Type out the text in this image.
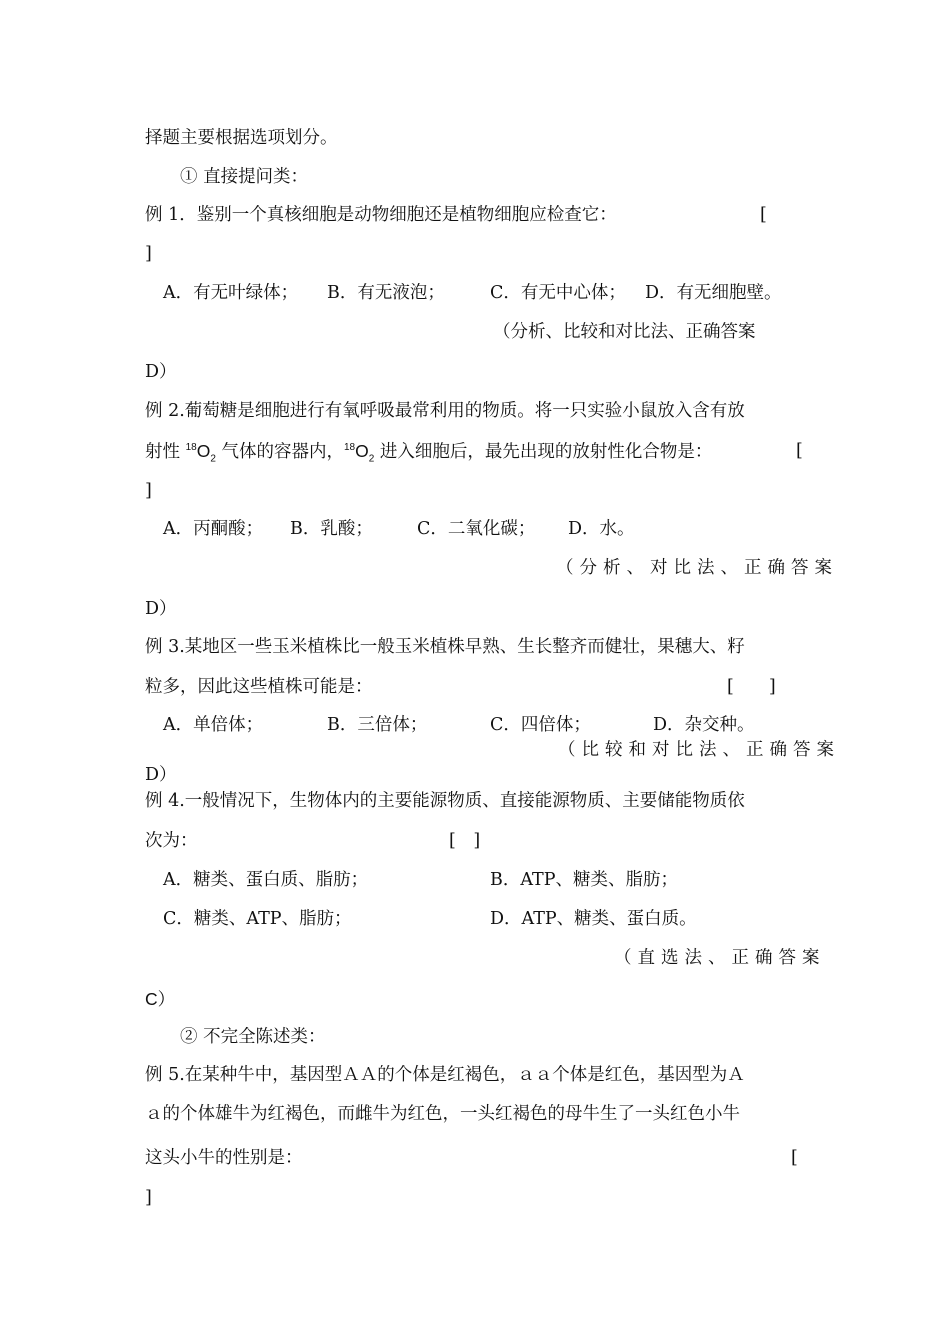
择题主要根据选项划分。
① 直接提问类：
例 1．鉴别一个真核细胞是动物细胞还是植物细胞应检查它：	[
]
A．有无叶绿体； B．有无液泡；	C．有无中心体； D．有无细胞壁。
（分析、比较和对比法、正确答案
D）
例 2.葡萄糖是细胞进行有氧呼吸最常利用的物质。将一只实验小鼠放入含有放
射性 $^{18}O_2$ 气体的容器内，$^{18}O_2$ 进入细胞后，最先出现的放射性化合物是：	[
]
A．丙酮酸； B．乳酸；	C．二氧化碳； D．水。
（分析、对比法、正确答案
D）
例 3.某地区一些玉米植株比一般玉米植株早熟、生长整齐而健壮，果穗大、籽
粒多，因此这些植株可能是：	[　　]
A．单倍体；	B．三倍体；	C．四倍体；	D．杂交种。
（比较和对比法、正确答案
D）
例 4.一般情况下，生物体内的主要能源物质、直接能源物质、主要储能物质依
次为：	[　]
A．糖类、蛋白质、脂肪；	B．ATP、糖类、脂肪；
C．糖类、ATP、脂肪；	D．ATP、糖类、蛋白质。
（直选法、正确答案
C）
② 不完全陈述类：
例 5.在某种牛中，基因型ＡＡ的个体是红褐色，ａａ个体是红色，基因型为Ａ
ａ的个体雄牛为红褐色，而雌牛为红色，一头红褐色的母牛生了一头红色小牛
这头小牛的性别是：	[
]
